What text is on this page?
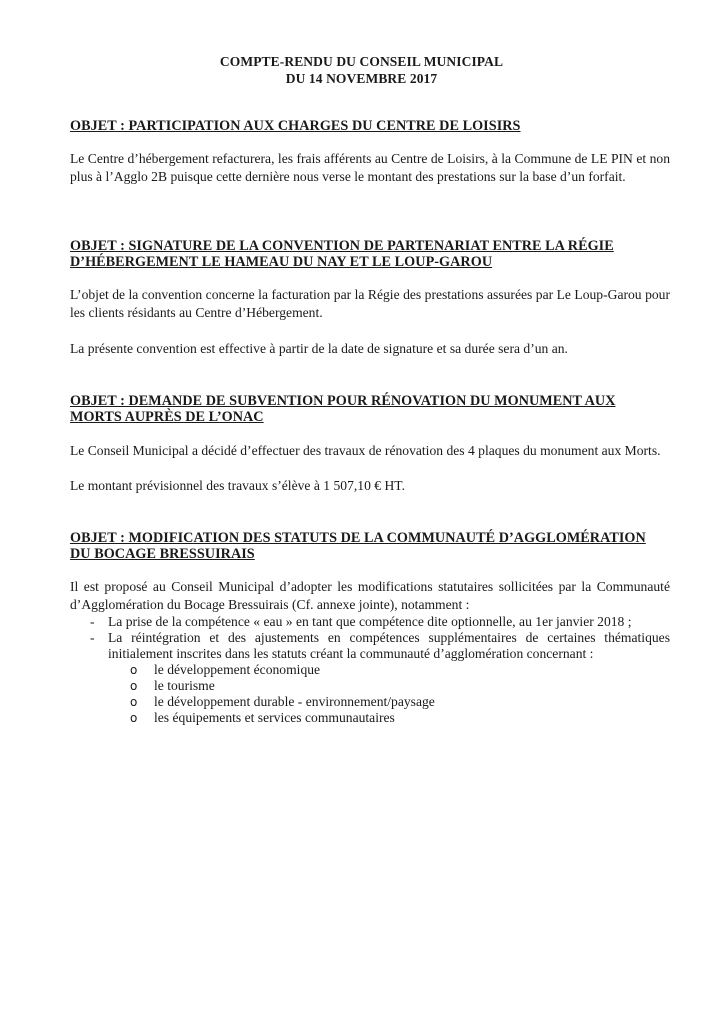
COMPTE-RENDU DU CONSEIL MUNICIPAL
DU 14 NOVEMBRE 2017
OBJET : PARTICIPATION AUX CHARGES DU CENTRE DE LOISIRS
Le Centre d’hébergement refacturera, les frais afférents au Centre de Loisirs, à la Commune de LE PIN et non plus à l’Agglo 2B puisque cette dernière nous verse le montant des prestations sur la base d’un forfait.
OBJET : SIGNATURE DE LA CONVENTION DE PARTENARIAT ENTRE LA RÉGIE
D’HÉBERGEMENT LE HAMEAU DU NAY ET LE LOUP-GAROU
L’objet de la convention concerne la facturation par la Régie des prestations assurées par Le Loup-Garou pour les clients résidants au Centre d’Hébergement.
La présente convention est effective à partir de la date de signature et sa durée sera d’un an.
OBJET : DEMANDE DE SUBVENTION POUR RÉNOVATION DU MONUMENT AUX
MORTS AUPRÈS DE L’ONAC
Le Conseil Municipal a décidé d’effectuer des travaux de rénovation des 4 plaques du monument aux Morts.
Le montant prévisionnel des travaux s’élève à 1 507,10 € HT.
OBJET : MODIFICATION DES STATUTS DE LA COMMUNAUTÉ D’AGGLOMÉRATION
DU BOCAGE BRESSUIRAIS
Il est proposé au Conseil Municipal d’adopter les modifications statutaires sollicitées par la Communauté d’Agglomération du Bocage Bressuirais (Cf. annexe jointe), notamment :
- La prise de la compétence « eau » en tant que compétence dite optionnelle, au 1er janvier 2018 ;
- La réintégration et des ajustements en compétences supplémentaires de certaines thématiques initialement inscrites dans les statuts créant la communauté d’agglomération concernant :
o le développement économique
o le tourisme
o le développement durable - environnement/paysage
o les équipements et services communautaires
